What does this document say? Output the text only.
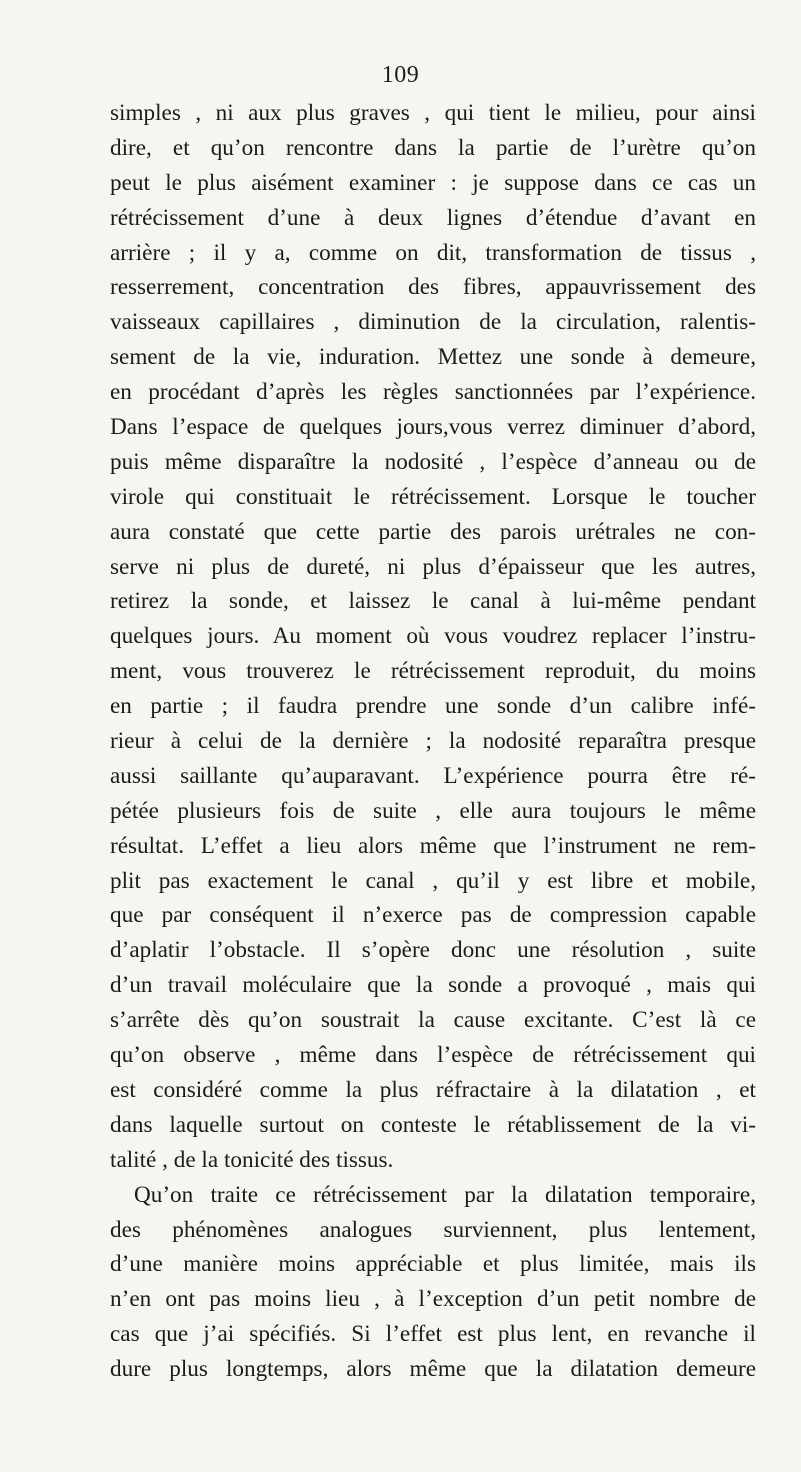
109
simples , ni aux plus graves , qui tient le milieu, pour ainsi
dire, et qu’on rencontre dans la partie de l’urètre qu’on
peut le plus aisément examiner : je suppose dans ce cas un
rétrécissement d’une à deux lignes d’étendue d’avant en
arrière ; il y a, comme on dit, transformation de tissus ,
resserrement, concentration des fibres, appauvrissement des
vaisseaux capillaires , diminution de la circulation, ralentis-
sement de la vie, induration. Mettez une sonde à demeure,
en procédant d’après les règles sanctionnées par l’expérience.
Dans l’espace de quelques jours,vous verrez diminuer d’abord,
puis même disparaître la nodosité , l’espèce d’anneau ou de
virole qui constituait le rétrécissement. Lorsque le toucher
aura constaté que cette partie des parois urétrales ne con-
serve ni plus de dureté, ni plus d’épaisseur que les autres,
retirez la sonde, et laissez le canal à lui-même pendant
quelques jours. Au moment où vous voudrez replacer l’instru-
ment, vous trouverez le rétrécissement reproduit, du moins
en partie ; il faudra prendre une sonde d’un calibre infé-
rieur à celui de la dernière ; la nodosité reparaîtra presque
aussi saillante qu’auparavant. L’expérience pourra être ré-
pétée plusieurs fois de suite , elle aura toujours le même
résultat. L’effet a lieu alors même que l’instrument ne rem-
plit pas exactement le canal , qu’il y est libre et mobile,
que par conséquent il n’exerce pas de compression capable
d’aplatir l’obstacle. Il s’opère donc une résolution , suite
d’un travail moléculaire que la sonde a provoqué , mais qui
s’arrête dès qu’on soustrait la cause excitante. C’est là ce
qu’on observe , même dans l’espèce de rétrécissement qui
est considéré comme la plus réfractaire à la dilatation , et
dans laquelle surtout on conteste le rétablissement de la vi-
talité , de la tonicité des tissus.
Qu’on traite ce rétrécissement par la dilatation temporaire,
des phénomènes analogues surviennent, plus lentement,
d’une manière moins appréciable et plus limitée, mais ils
n’en ont pas moins lieu , à l’exception d’un petit nombre de
cas que j’ai spécifiés. Si l’effet est plus lent, en revanche il
dure plus longtemps, alors même que la dilatation demeure
